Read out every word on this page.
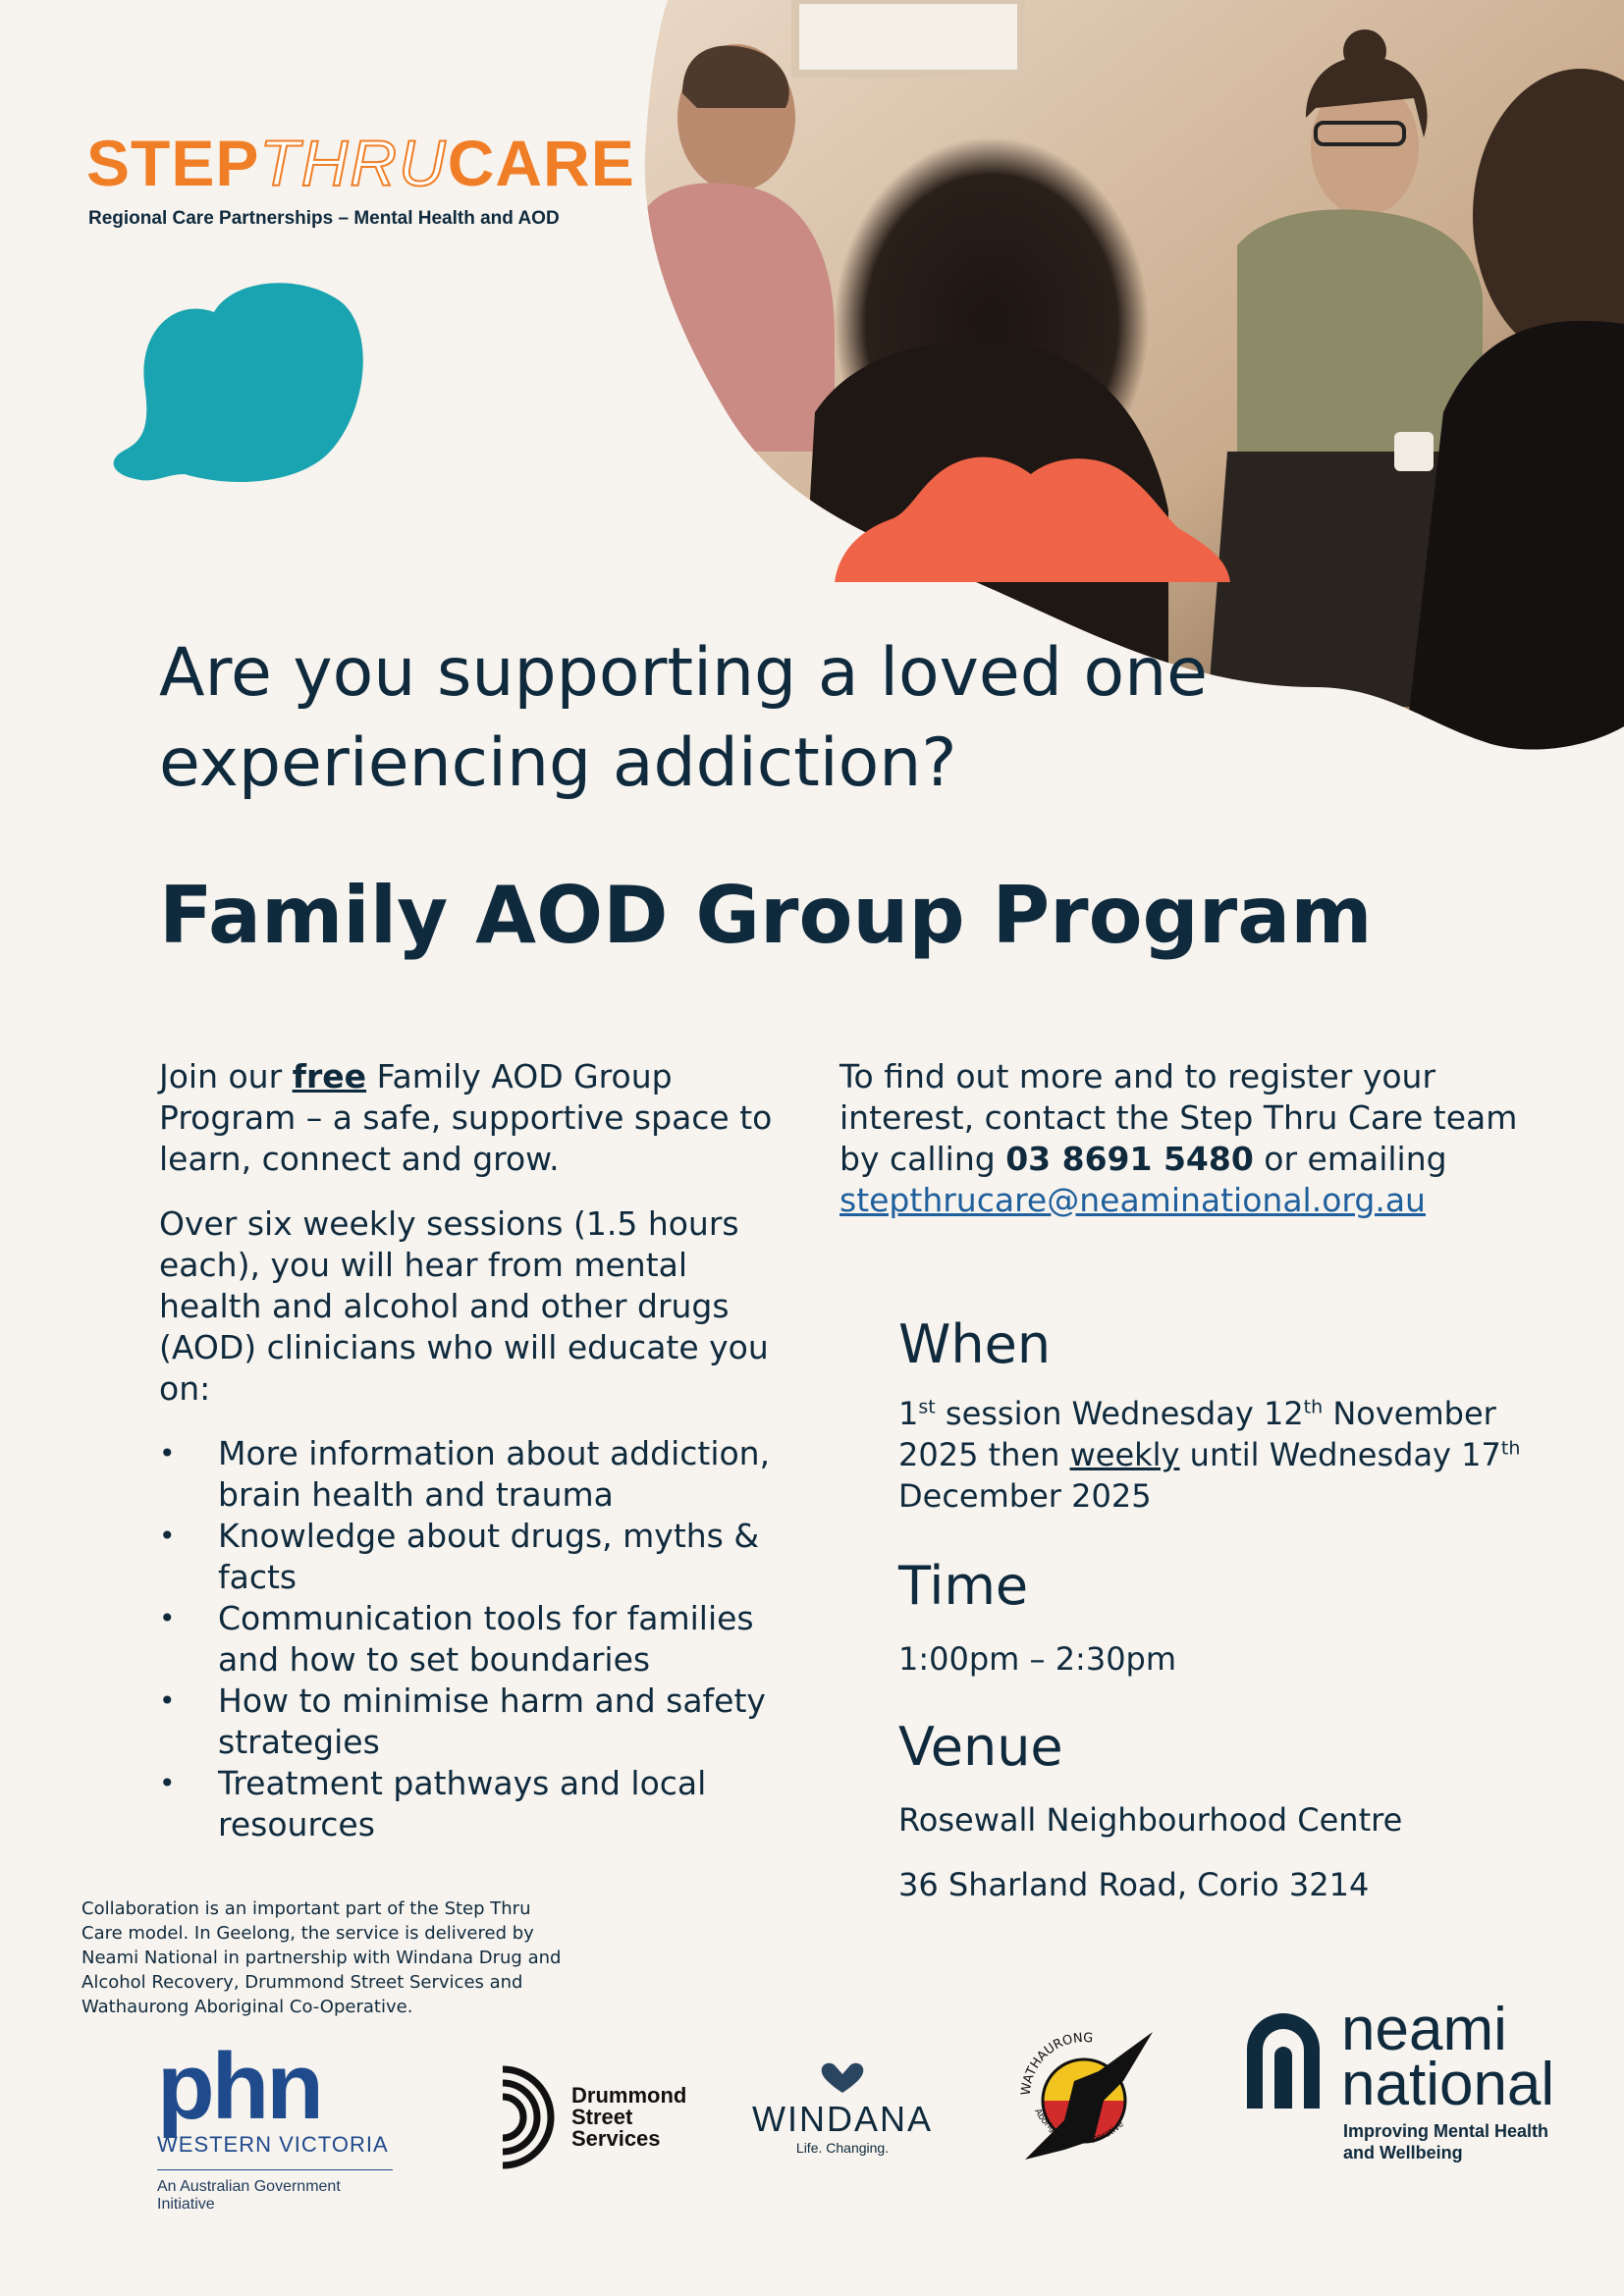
STEPTHRUCARE
Regional Care Partnerships – Mental Health and AOD
Are you supporting a loved one
experiencing addiction?
Family AOD Group Program

Join our free Family AOD Group Program – a safe, supportive space to learn, connect and grow.

Over six weekly sessions (1.5 hours each), you will hear from mental health and alcohol and other drugs (AOD) clinicians who will educate you on:

• More information about addiction, brain health and trauma
• Knowledge about drugs, myths & facts
• Communication tools for families and how to set boundaries
• How to minimise harm and safety strategies
• Treatment pathways and local resources

To find out more and to register your interest, contact the Step Thru Care team by calling 03 8691 5480 or emailing
stepthrucare@neaminational.org.au

When

1st session Wednesday 12th November 2025 then weekly until Wednesday 17th December 2025

Time

1:00pm – 2:30pm

Venue

Rosewall Neighbourhood Centre

36 Sharland Road, Corio 3214

Collaboration is an important part of the Step Thru Care model. In Geelong, the service is delivered by Neami National in partnership with Windana Drug and Alcohol Recovery, Drummond Street Services and Wathaurong Aboriginal Co-Operative.
phn
WESTERN VICTORIA
An Australian Government Initiative
Drummond
Street
Services	WINDANA
Life. Changing.
WATHAURONG
Aboriginal Co-Operative
neami
national
Improving Mental Health
and Wellbeing
